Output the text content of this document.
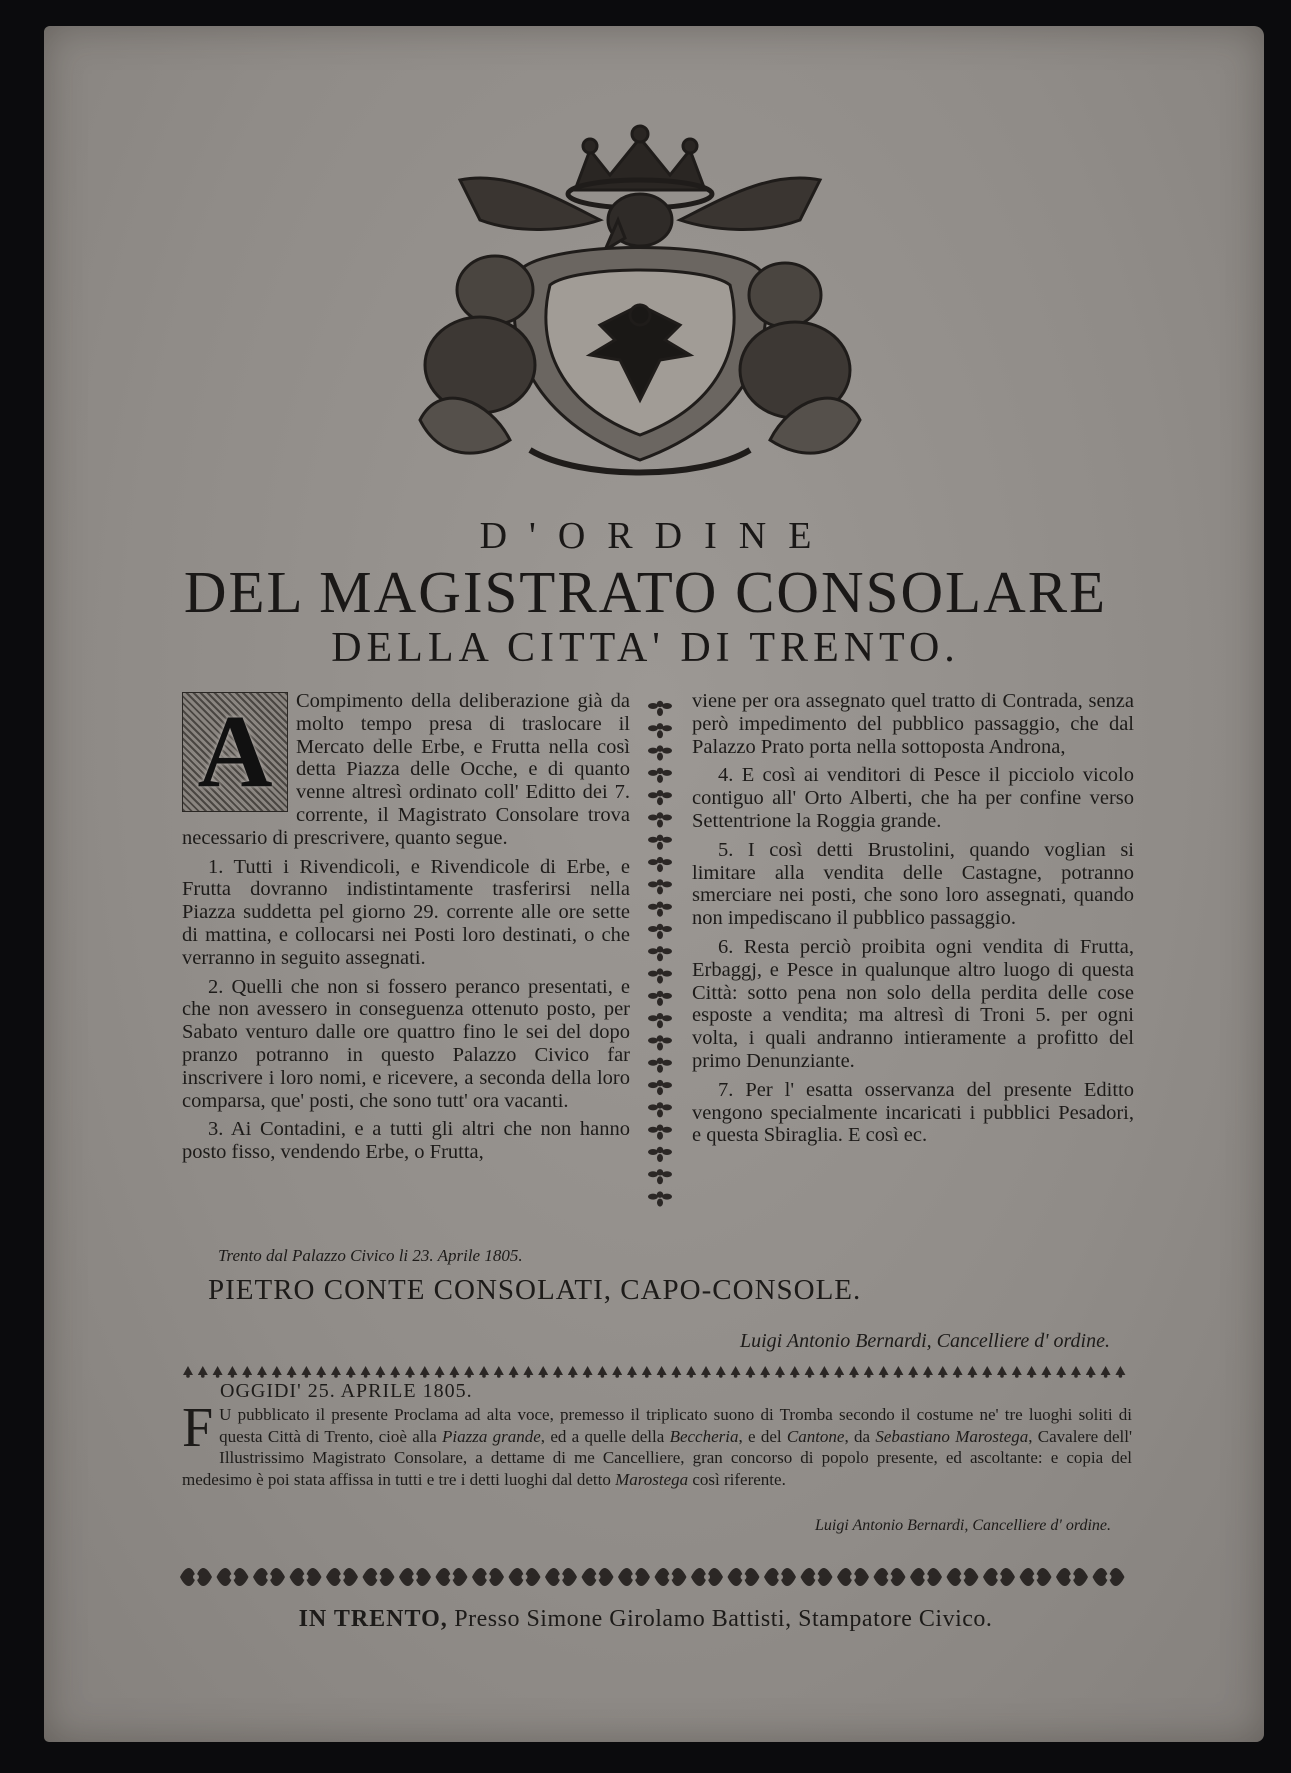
D'ORDINE
DEL MAGISTRATO CONSOLARE
DELLA CITTA' DI TRENTO.

A	Compimento della deliberazione già da molto tempo presa di traslocare il Mercato delle Erbe, e Frutta nella così detta Piazza delle Ocche, e di quanto venne altresì ordinato coll' Editto dei 7. corrente, il Magistrato Consolare trova necessario di prescrivere, quanto segue.

1. Tutti i Rivendicoli, e Rivendicole di Erbe, e Frutta dovranno indistintamente trasferirsi nella Piazza suddetta pel giorno 29. corrente alle ore sette di mattina, e collocarsi nei Posti loro destinati, o che verranno in seguito assegnati.

2. Quelli che non si fossero peranco presentati, e che non avessero in conseguenza ottenuto posto, per Sabato venturo dalle ore quattro fino le sei del dopo pranzo potranno in questo Palazzo Civico far inscrivere i loro nomi, e ricevere, a seconda della loro comparsa, que' posti, che sono tutt' ora vacanti.

3. Ai Contadini, e a tutti gli altri che non hanno posto fisso, vendendo Erbe, o Frutta,

viene per ora assegnato quel tratto di Contrada, senza però impedimento del pubblico passaggio, che dal Palazzo Prato porta nella sottoposta Androna,

4. E così ai venditori di Pesce il picciolo vicolo contiguo all' Orto Alberti, che ha per confine verso Settentrione la Roggia grande.

5. I così detti Brustolini, quando voglian si limitare alla vendita delle Castagne, potranno smerciare nei posti, che sono loro assegnati, quando non impediscano il pubblico passaggio.

6. Resta perciò proibita ogni vendita di Frutta, Erbaggj, e Pesce in qualunque altro luogo di questa Città: sotto pena non solo della perdita delle cose esposte a vendita; ma altresì di Troni 5. per ogni volta, i quali andranno intieramente a profitto del primo Denunziante.

7. Per l' esatta osservanza del presente Editto vengono specialmente incaricati i pubblici Pesadori, e questa Sbiraglia. E così ec.

Trento dal Palazzo Civico li 23. Aprile 1805.
PIETRO CONTE CONSOLATI, CAPO-CONSOLE.
Luigi Antonio Bernardi, Cancelliere d' ordine.
OGGIDI' 25. APRILE 1805.
F U pubblicato il presente Proclama ad alta voce, premesso il triplicato suono di Tromba secondo il costume ne' tre luoghi soliti di questa Città di Trento, cioè alla Piazza grande, ed a quelle della Beccheria, e del Cantone, da Sebastiano Marostega, Cavalere dell' Illustrissimo Magistrato Consolare, a dettame di me Cancelliere, gran concorso di popolo presente, ed ascoltante: e copia del medesimo è poi stata affissa in tutti e tre i detti luoghi dal detto Marostega così riferente.
Luigi Antonio Bernardi, Cancelliere d' ordine.
IN TRENTO, Presso Simone Girolamo Battisti, Stampatore Civico.
